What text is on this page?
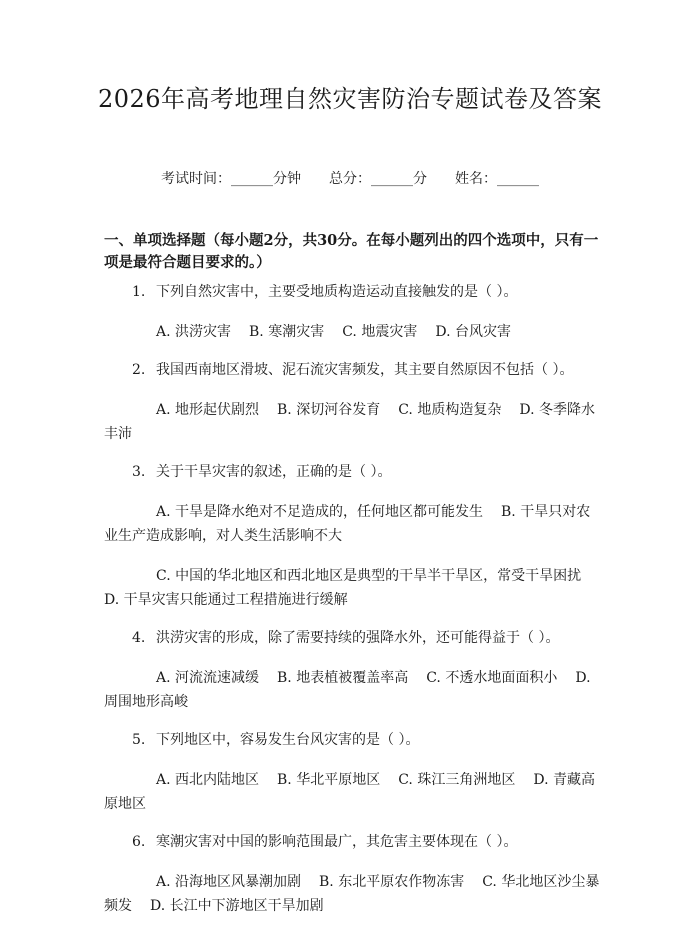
2026年高考地理自然灾害防治专题试卷及答案
考试时间：______分钟 总分：______分 姓名：______
一、单项选择题（每小题2分，共30分。在每小题列出的四个选项中，只有一项是最符合题目要求的。）
1. 下列自然灾害中，主要受地质构造运动直接触发的是（ ）。
A. 洪涝灾害 B. 寒潮灾害 C. 地震灾害 D. 台风灾害
2. 我国西南地区滑坡、泥石流灾害频发，其主要自然原因不包括（ ）。
A. 地形起伏剧烈 B. 深切河谷发育 C. 地质构造复杂 D. 冬季降水丰沛
3. 关于干旱灾害的叙述，正确的是（ ）。
A. 干旱是降水绝对不足造成的，任何地区都可能发生 B. 干旱只对农业生产造成影响，对人类生活影响不大
C. 中国的华北地区和西北地区是典型的干旱半干旱区，常受干旱困扰D. 干旱灾害只能通过工程措施进行缓解
4. 洪涝灾害的形成，除了需要持续的强降水外，还可能得益于（ ）。
A. 河流流速减缓 B. 地表植被覆盖率高 C. 不透水地面面积小 D. 周围地形高峻
5. 下列地区中，容易发生台风灾害的是（ ）。
A. 西北内陆地区 B. 华北平原地区 C. 珠江三角洲地区 D. 青藏高原地区
6. 寒潮灾害对中国的影响范围最广，其危害主要体现在（ ）。
A. 沿海地区风暴潮加剧 B. 东北平原农作物冻害 C. 华北地区沙尘暴频发 D. 长江中下游地区干旱加剧
